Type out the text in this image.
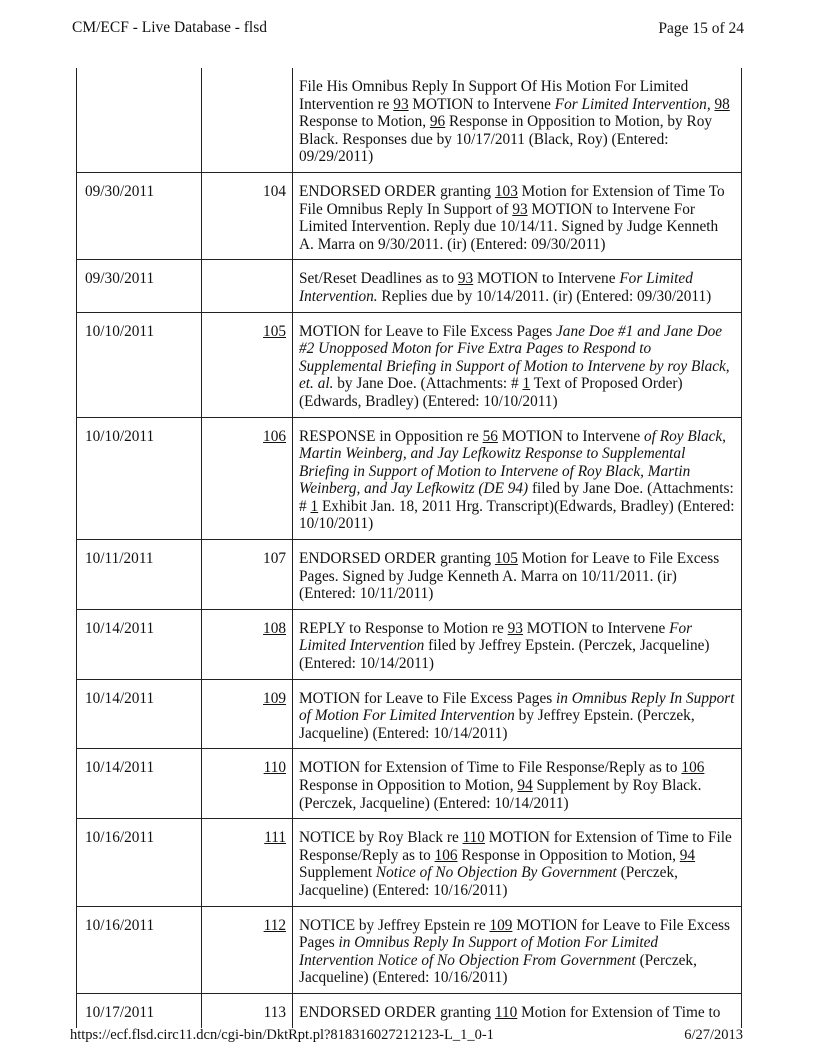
CM/ECF - Live Database - flsd	Page 15 of 24
		File His Omnibus Reply In Support Of His Motion For Limited Intervention re 93 MOTION to Intervene For Limited Intervention, 98 Response to Motion, 96 Response in Opposition to Motion, by Roy Black. Responses due by 10/17/2011 (Black, Roy) (Entered: 09/29/2011)
09/30/2011	104	ENDORSED ORDER granting 103 Motion for Extension of Time To File Omnibus Reply In Support of 93 MOTION to Intervene For Limited Intervention. Reply due 10/14/11. Signed by Judge Kenneth A. Marra on 9/30/2011. (ir) (Entered: 09/30/2011)
09/30/2011		Set/Reset Deadlines as to 93 MOTION to Intervene For Limited Intervention. Replies due by 10/14/2011. (ir) (Entered: 09/30/2011)
10/10/2011	105	MOTION for Leave to File Excess Pages Jane Doe #1 and Jane Doe #2 Unopposed Moton for Five Extra Pages to Respond to Supplemental Briefing in Support of Motion to Intervene by roy Black, et. al. by Jane Doe. (Attachments: # 1 Text of Proposed Order)(Edwards, Bradley) (Entered: 10/10/2011)
10/10/2011	106	RESPONSE in Opposition re 56 MOTION to Intervene of Roy Black, Martin Weinberg, and Jay Lefkowitz Response to Supplemental Briefing in Support of Motion to Intervene of Roy Black, Martin Weinberg, and Jay Lefkowitz (DE 94) filed by Jane Doe. (Attachments: # 1 Exhibit Jan. 18, 2011 Hrg. Transcript)(Edwards, Bradley) (Entered: 10/10/2011)
10/11/2011	107	ENDORSED ORDER granting 105 Motion for Leave to File Excess Pages. Signed by Judge Kenneth A. Marra on 10/11/2011. (ir) (Entered: 10/11/2011)
10/14/2011	108	REPLY to Response to Motion re 93 MOTION to Intervene For Limited Intervention filed by Jeffrey Epstein. (Perczek, Jacqueline) (Entered: 10/14/2011)
10/14/2011	109	MOTION for Leave to File Excess Pages in Omnibus Reply In Support of Motion For Limited Intervention by Jeffrey Epstein. (Perczek, Jacqueline) (Entered: 10/14/2011)
10/14/2011	110	MOTION for Extension of Time to File Response/Reply as to 106 Response in Opposition to Motion, 94 Supplement by Roy Black. (Perczek, Jacqueline) (Entered: 10/14/2011)
10/16/2011	111	NOTICE by Roy Black re 110 MOTION for Extension of Time to File Response/Reply as to 106 Response in Opposition to Motion, 94 Supplement Notice of No Objection By Government (Perczek, Jacqueline) (Entered: 10/16/2011)
10/16/2011	112	NOTICE by Jeffrey Epstein re 109 MOTION for Leave to File Excess Pages in Omnibus Reply In Support of Motion For Limited Intervention Notice of No Objection From Government (Perczek, Jacqueline) (Entered: 10/16/2011)
10/17/2011	113	ENDORSED ORDER granting 110 Motion for Extension of Time to
https://ecf.flsd.circ11.dcn/cgi-bin/DktRpt.pl?818316027212123-L_1_0-1	6/27/2013
